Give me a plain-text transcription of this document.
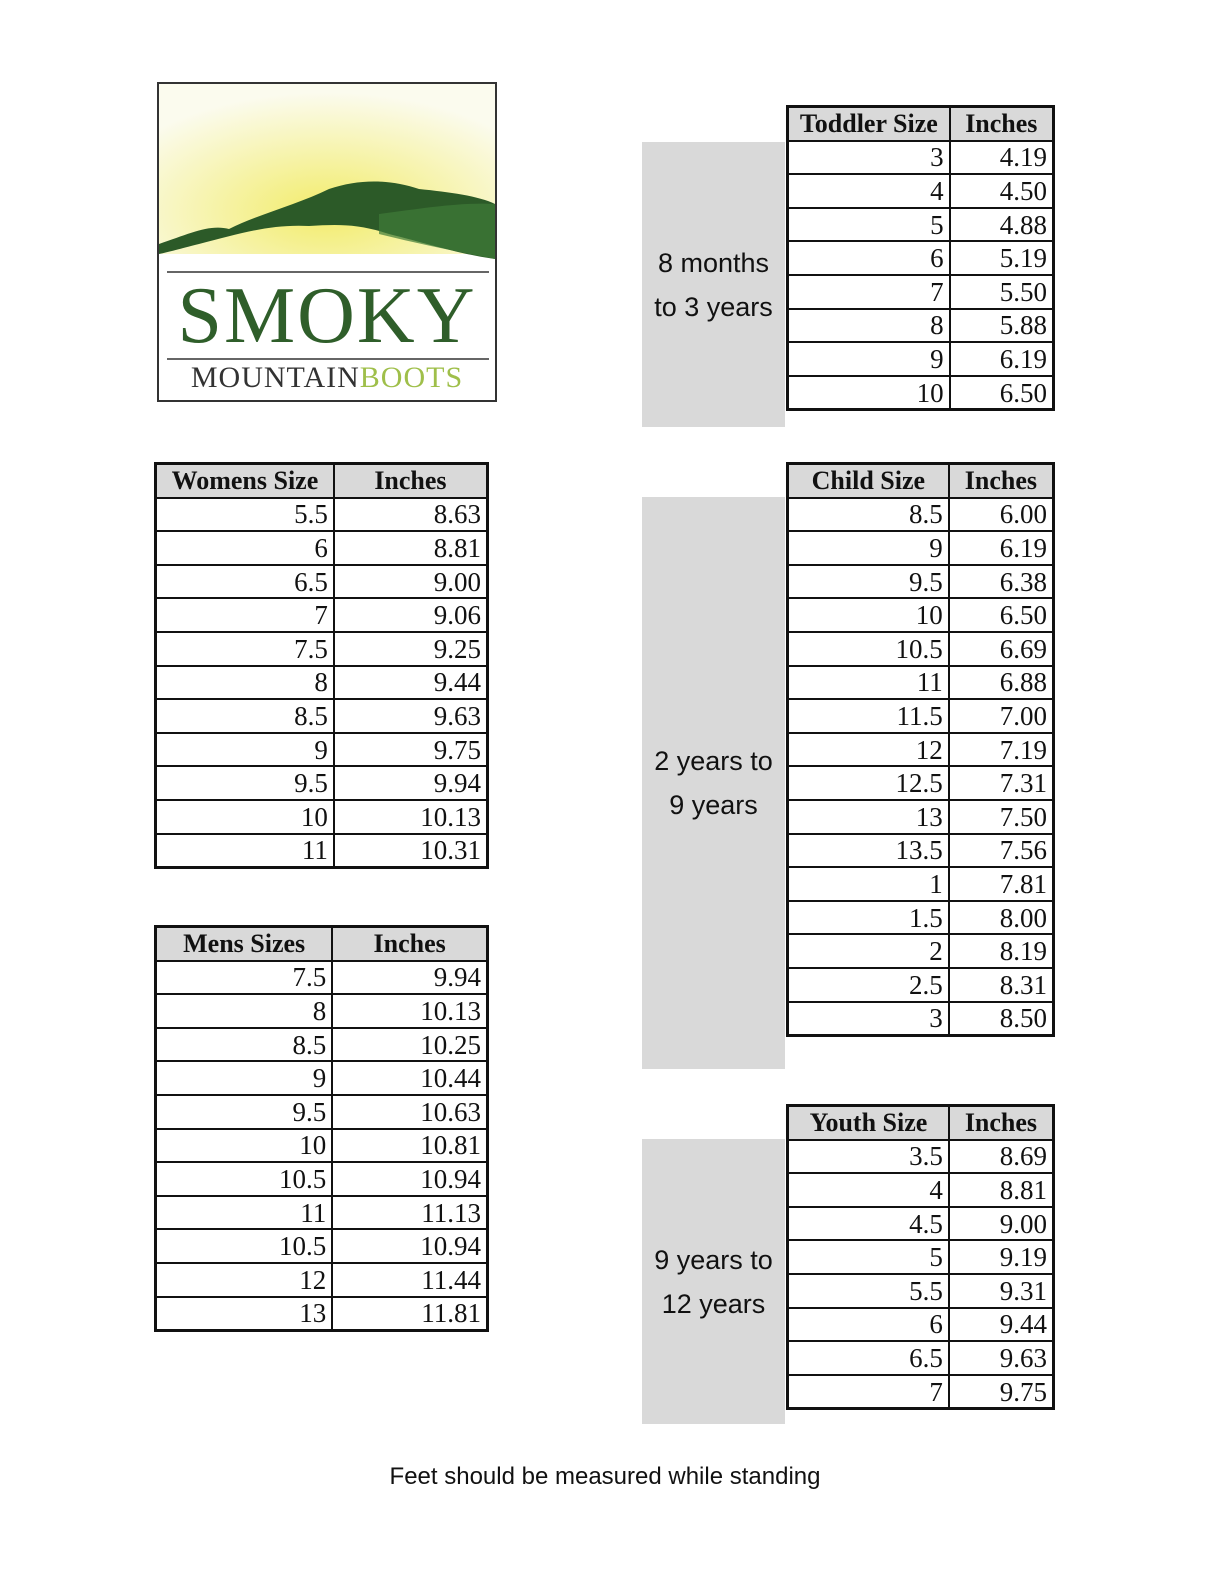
SMOKY
MOUNTAINBOOTS
8 months
to 3 years
2 years to
9 years
9 years to
12 years
Toddler Size	Inches
3	4.19
4	4.50
5	4.88
6	5.19
7	5.50
8	5.88
9	6.19
10	6.50
Womens Size	Inches
5.5	8.63
6	8.81
6.5	9.00
7	9.06
7.5	9.25
8	9.44
8.5	9.63
9	9.75
9.5	9.94
10	10.13
11	10.31
Mens Sizes	Inches
7.5	9.94
8	10.13
8.5	10.25
9	10.44
9.5	10.63
10	10.81
10.5	10.94
11	11.13
10.5	10.94
12	11.44
13	11.81
Child Size	Inches
8.5	6.00
9	6.19
9.5	6.38
10	6.50
10.5	6.69
11	6.88
11.5	7.00
12	7.19
12.5	7.31
13	7.50
13.5	7.56
1	7.81
1.5	8.00
2	8.19
2.5	8.31
3	8.50
Youth Size	Inches
3.5	8.69
4	8.81
4.5	9.00
5	9.19
5.5	9.31
6	9.44
6.5	9.63
7	9.75
Feet should be measured while standing
